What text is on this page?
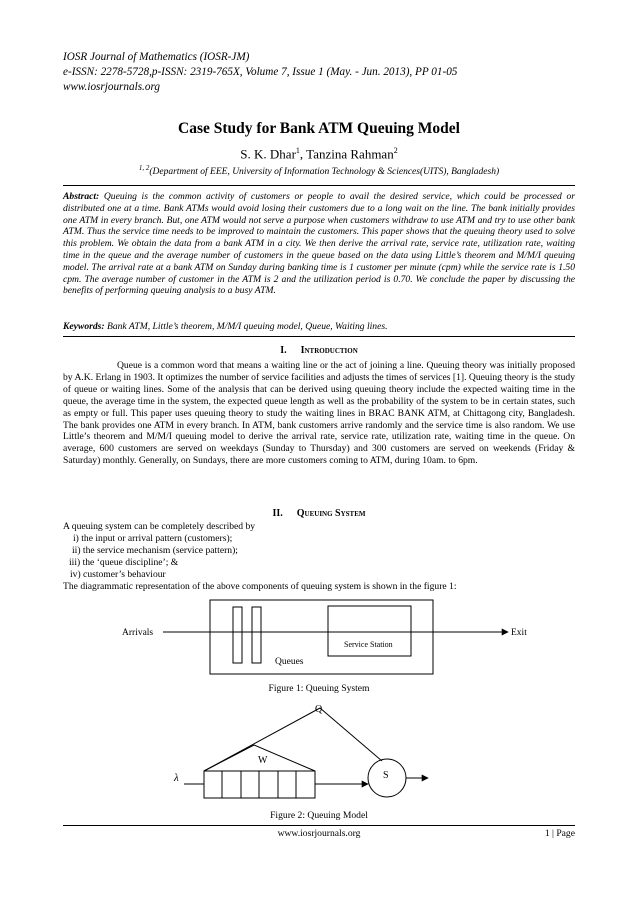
IOSR Journal of Mathematics (IOSR-JM)
e-ISSN: 2278-5728,p-ISSN: 2319-765X, Volume 7, Issue 1 (May. - Jun. 2013), PP 01-05
www.iosrjournals.org
Case Study for Bank ATM Queuing Model
S. K. Dhar$^1$, Tanzina Rahman$^2$
$^{1, 2}$(Department of EEE, University of Information Technology & Sciences(UITS), Bangladesh)
Abstract: Queuing is the common activity of customers or people to avail the desired service, which could be processed or distributed one at a time. Bank ATMs would avoid losing their customers due to a long wait on the line. The bank initially provides one ATM in every branch. But, one ATM would not serve a purpose when customers withdraw to use ATM and try to use other bank ATM. Thus the service time needs to be improved to maintain the customers. This paper shows that the queuing theory used to solve this problem. We obtain the data from a bank ATM in a city. We then derive the arrival rate, service rate, utilization rate, waiting time in the queue and the average number of customers in the queue based on the data using Little’s theorem and M/M/I queuing model. The arrival rate at a bank ATM on Sunday during banking time is 1 customer per minute (cpm) while the service rate is 1.50 cpm. The average number of customer in the ATM is 2 and the utilization period is 0.70. We conclude the paper by discussing the benefits of performing queuing analysis to a busy ATM.
Keywords: Bank ATM, Little’s theorem, M/M/I queuing model, Queue, Waiting lines.
I. Introduction

Queue is a common word that means a waiting line or the act of joining a line. Queuing theory was initially proposed by A.K. Erlang in 1903. It optimizes the number of service facilities and adjusts the times of services [1]. Queuing theory is the study of queue or waiting lines. Some of the analysis that can be derived using queuing theory include the expected waiting time in the queue, the average time in the system, the expected queue length as well as the probability of the system to be in certain states, such as empty or full. This paper uses queuing theory to study the waiting lines in BRAC BANK ATM, at Chittagong city, Bangladesh. The bank provides one ATM in every branch. In ATM, bank customers arrive randomly and the service time is also random. We use Little’s theorem and M/M/I queuing model to derive the arrival rate, service rate, utilization rate, waiting time in the queue. On average, 600 customers are served on weekdays (Sunday to Thursday) and 300 customers are served on weekends (Friday & Saturday) monthly. Generally, on Sundays, there are more customers coming to ATM, during 10am. to 6pm.

II. Queuing System
A queuing system can be completely described by
i) the input or arrival pattern (customers);
ii) the service mechanism (service pattern);
iii) the ‘queue discipline’; &
iv) customer’s behaviour
The diagrammatic representation of the above components of queuing system is shown in the figure 1:
Arrivals	Exit
Service Station
Queues
Figure 1: Queuing System
Q
W
λ	S
Figure 2: Queuing Model
www.iosrjournals.org	1 | Page
